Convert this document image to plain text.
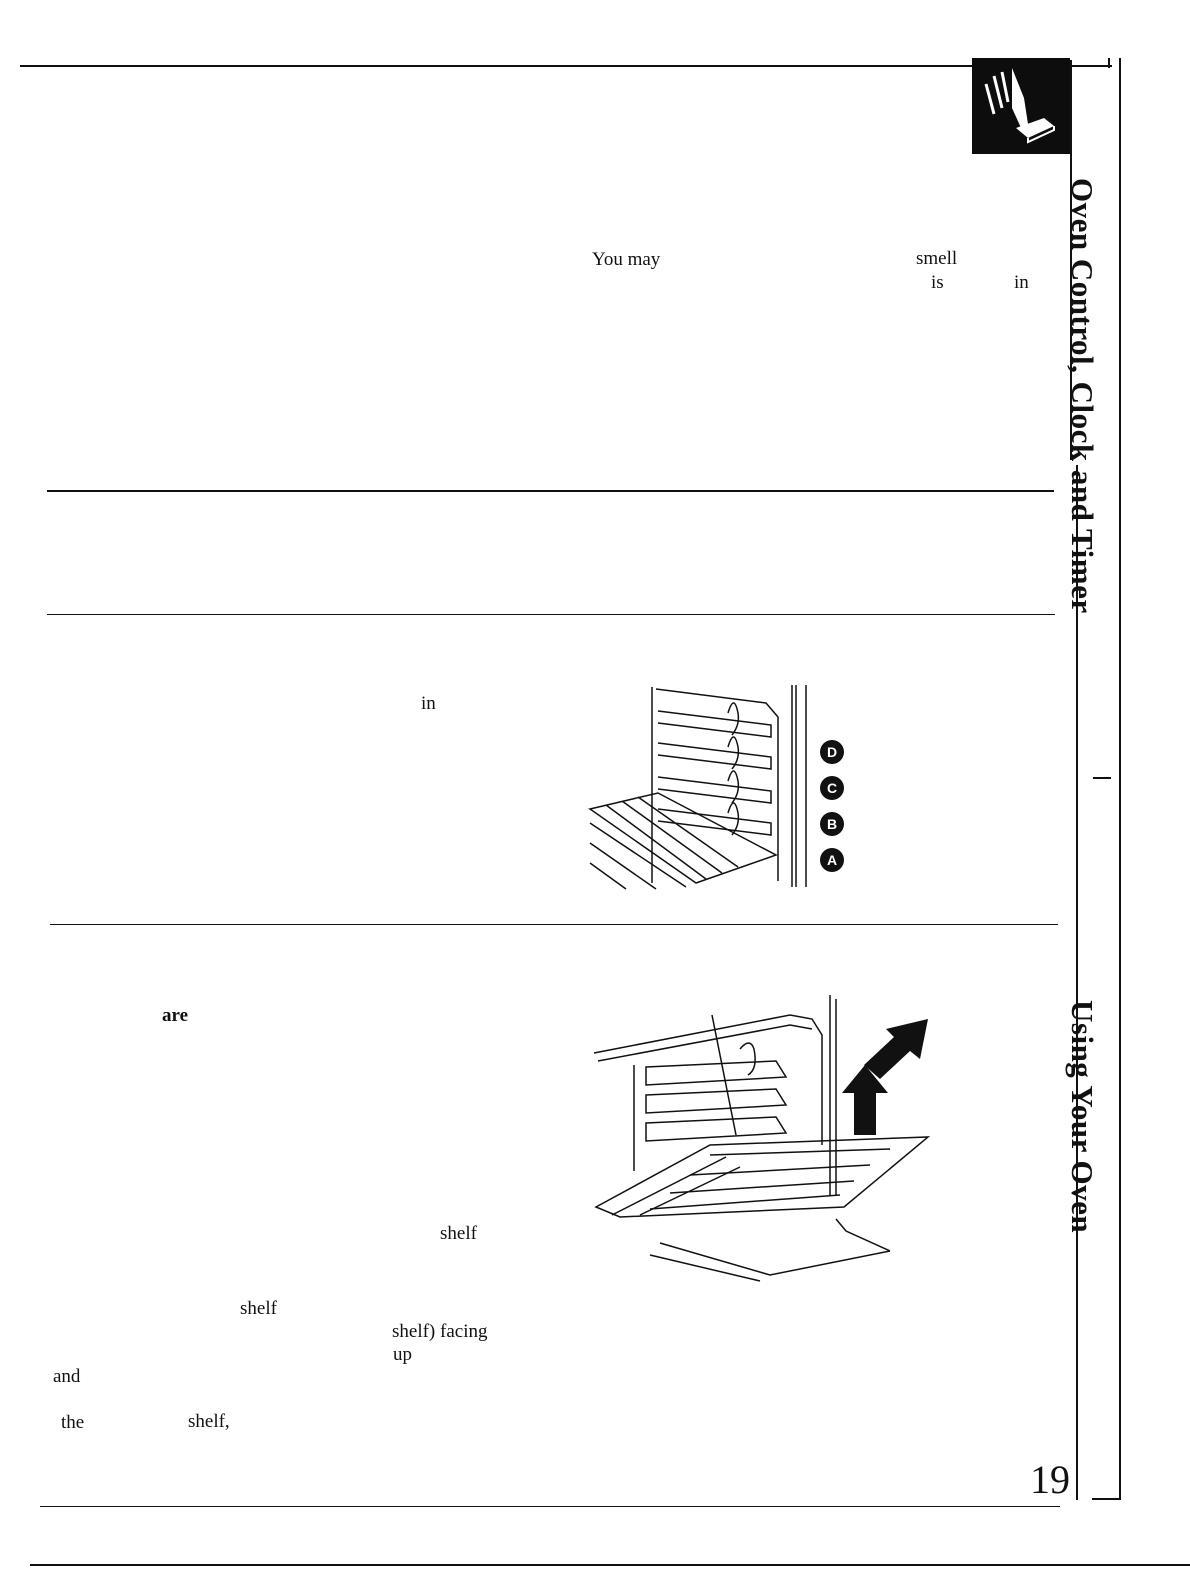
Oven Control, Clock and Timer
Using Your Oven
You may	smell
is	in
in
are
shelf
shelf
shelf) facing
up
and
the	shelf,
D
C
B
A
19
